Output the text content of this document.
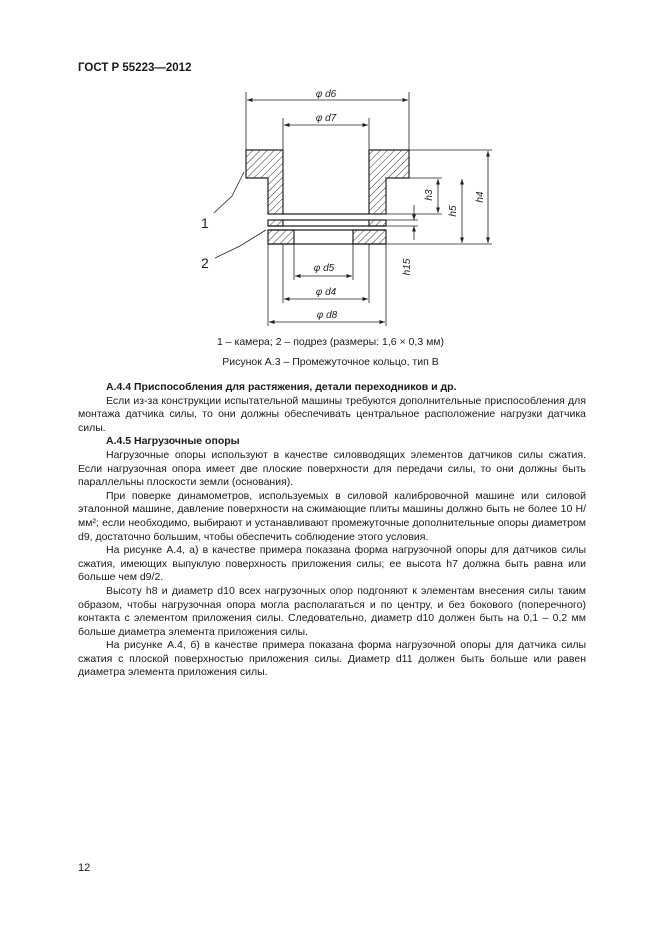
ГОСТ Р 55223—2012
φ d6
φ d7
φ d5
φ d4
φ d8
h3
h5
h4
h15
1
2
1 – камера; 2 – подрез (размеры: 1,6 × 0,3 мм)
Рисунок А.3 – Промежуточное кольцо, тип В
А.4.4 Приспособления для растяжения, детали переходников и др.

Если из-за конструкции испытательной машины требуются дополнительные приспособления для монтажа датчика силы, то они должны обеспечивать центральное расположение нагрузки датчика силы.

А.4.5 Нагрузочные опоры

Нагрузочные опоры используют в качестве силовводящих элементов датчиков силы сжатия. Если нагрузочная опора имеет две плоские поверхности для передачи силы, то они должны быть параллельны плоскости земли (основания).

При поверке динамометров, используемых в силовой калибровочной машине или силовой эталонной машине, давление поверхности на сжимающие плиты машины должно быть не более 10 Н/мм²; если необходимо, выбирают и устанавливают промежуточные дополнительные опоры диаметром d9, достаточно большим, чтобы обеспечить соблюдение этого условия.

На рисунке А.4, а) в качестве примера показана форма нагрузочной опоры для датчиков силы сжатия, имеющих выпуклую поверхность приложения силы; ее высота h7 должна быть равна или больше чем d9/2.

Высоту h8 и диаметр d10 всех нагрузочных опор подгоняют к элементам внесения силы таким образом, чтобы нагрузочная опора могла располагаться и по центру, и без бокового (поперечного) контакта с элементом приложения силы. Следовательно, диаметр d10 должен быть на 0,1 – 0,2 мм больше диаметра элемента приложения силы.

На рисунке А.4, б) в качестве примера показана форма нагрузочной опоры для датчика силы сжатия с плоской поверхностью приложения силы. Диаметр d11 должен быть больше или равен диаметра элемента приложения силы.

12
